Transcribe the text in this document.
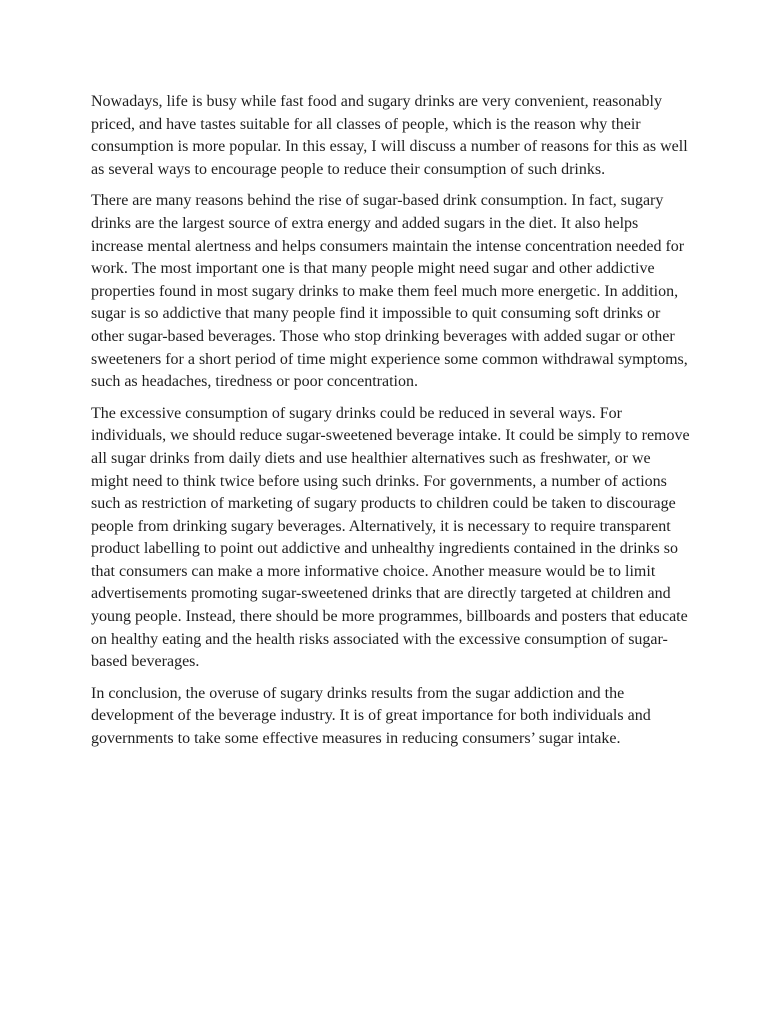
Nowadays, life is busy while fast food and sugary drinks are very convenient, reasonably priced, and have tastes suitable for all classes of people, which is the reason why their consumption is more popular. In this essay, I will discuss a number of reasons for this as well as several ways to encourage people to reduce their consumption of such drinks.

There are many reasons behind the rise of sugar-based drink consumption. In fact, sugary drinks are the largest source of extra energy and added sugars in the diet. It also helps increase mental alertness and helps consumers maintain the intense concentration needed for work. The most important one is that many people might need sugar and other addictive properties found in most sugary drinks to make them feel much more energetic. In addition, sugar is so addictive that many people find it impossible to quit consuming soft drinks or other sugar-based beverages. Those who stop drinking beverages with added sugar or other sweeteners for a short period of time might experience some common withdrawal symptoms, such as headaches, tiredness or poor concentration.

The excessive consumption of sugary drinks could be reduced in several ways. For individuals, we should reduce sugar-sweetened beverage intake. It could be simply to remove all sugar drinks from daily diets and use healthier alternatives such as freshwater, or we might need to think twice before using such drinks. For governments, a number of actions such as restriction of marketing of sugary products to children could be taken to discourage people from drinking sugary beverages. Alternatively, it is necessary to require transparent product labelling to point out addictive and unhealthy ingredients contained in the drinks so that consumers can make a more informative choice. Another measure would be to limit advertisements promoting sugar-sweetened drinks that are directly targeted at children and young people. Instead, there should be more programmes, billboards and posters that educate on healthy eating and the health risks associated with the excessive consumption of sugar-based beverages.

In conclusion, the overuse of sugary drinks results from the sugar addiction and the development of the beverage industry. It is of great importance for both individuals and governments to take some effective measures in reducing consumers’ sugar intake.
